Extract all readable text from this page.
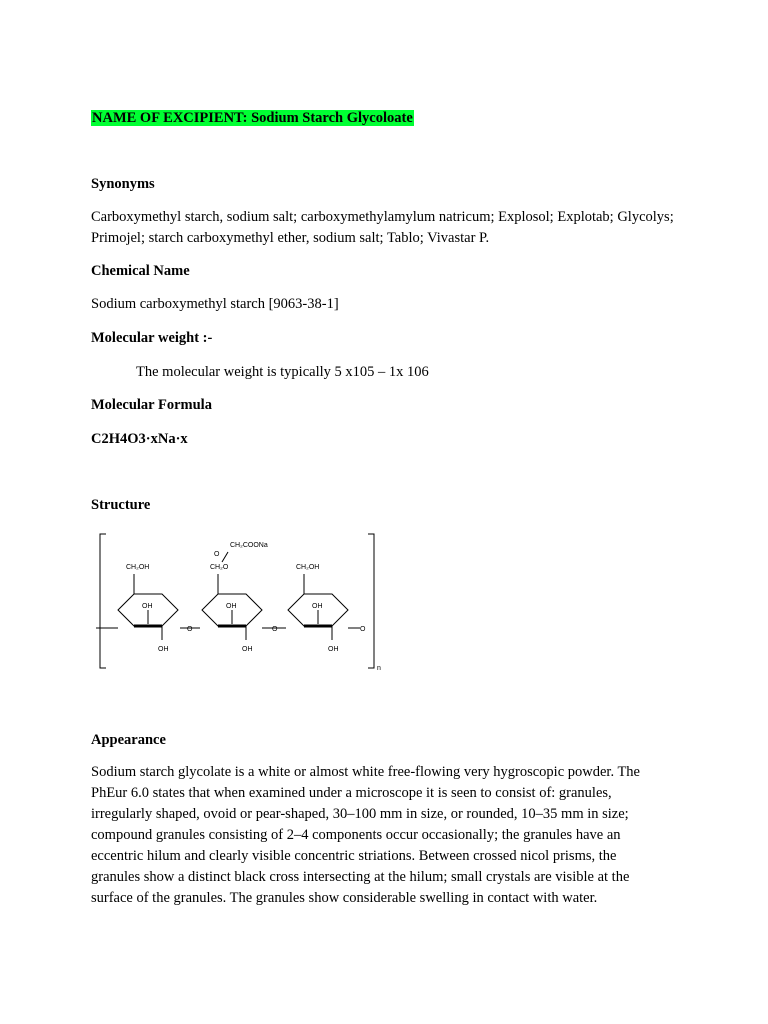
NAME OF EXCIPIENT: Sodium Starch Glycoloate
Synonyms
Carboxymethyl starch, sodium salt; carboxymethylamylum natricum; Explosol; Explotab; Glycolys; Primojel; starch carboxymethyl ether, sodium salt; Tablo; Vivastar P.
Chemical Name
Sodium carboxymethyl starch [9063-38-1]
Molecular weight :-
The molecular weight is typically 5 x105 – 1x 106
Molecular Formula
C2H4O3·xNa·x
Structure
CH₂COONa
O
CH₂OH	CH₂O	CH₂OH
OH	OH	OH
OH	OH	OH
O	O	O
n
Appearance
Sodium starch glycolate is a white or almost white free-flowing very hygroscopic powder. The
PhEur 6.0 states that when examined under a microscope it is seen to consist of: granules,
irregularly shaped, ovoid or pear-shaped, 30–100 mm in size, or rounded, 10–35 mm in size;
compound granules consisting of 2–4 components occur occasionally; the granules have an
eccentric hilum and clearly visible concentric striations. Between crossed nicol prisms, the
granules show a distinct black cross intersecting at the hilum; small crystals are visible at the
surface of the granules. The granules show considerable swelling in contact with water.
